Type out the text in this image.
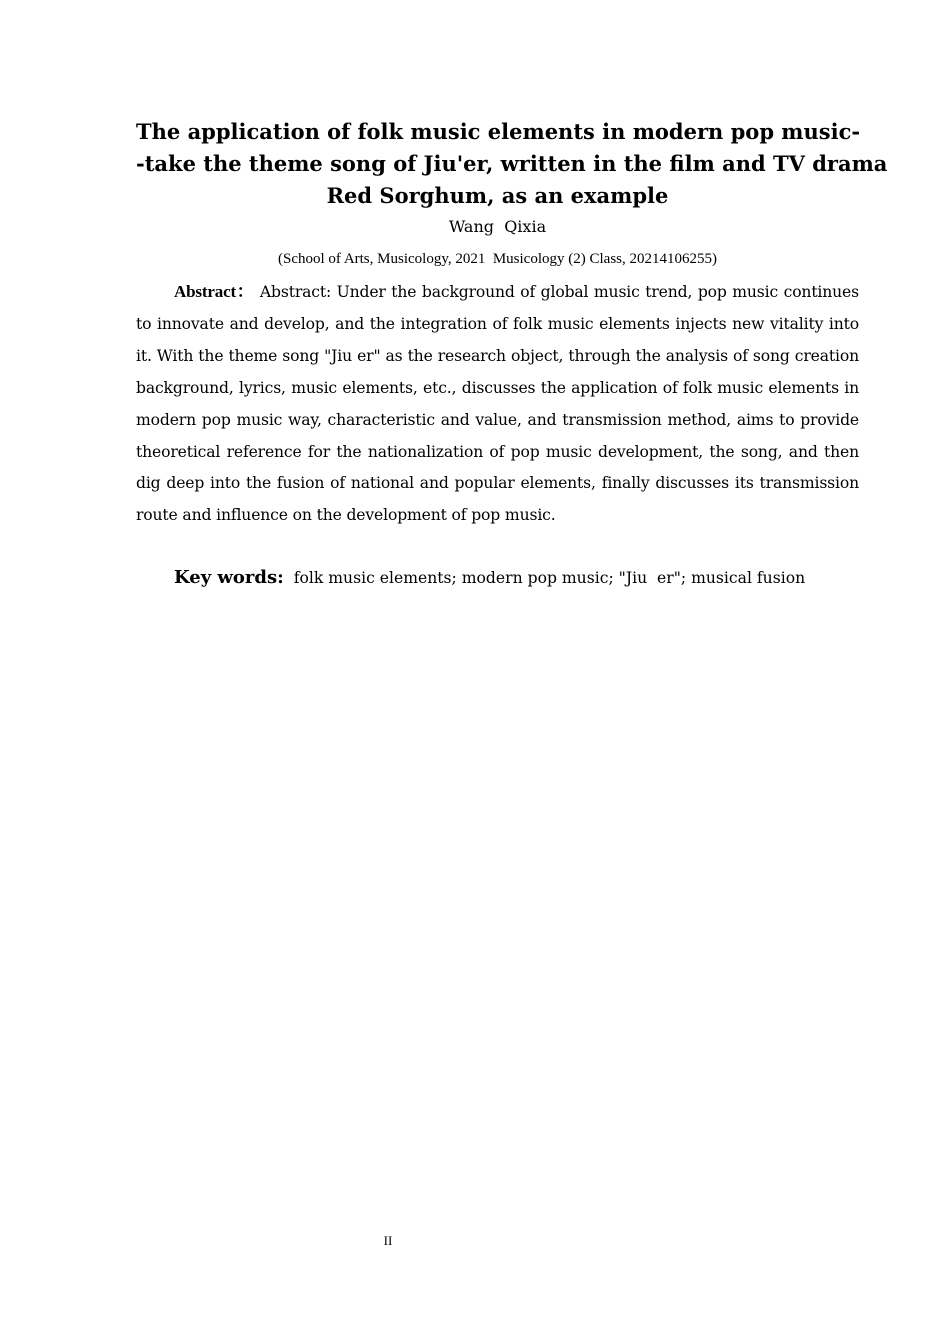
The application of folk music elements in modern pop music-
-take the theme song of Jiu'er, written in the film and TV drama
Red Sorghum, as an example
Wang  Qixia
(School of Arts, Musicology, 2021  Musicology (2) Class, 20214106255)

Abstract： Abstract: Under the background of global music trend, pop music continues to innovate and develop, and the integration of folk music elements injects new vitality into it. With the theme song "Jiu er" as the research object, through the analysis of song creation background, lyrics, music elements, etc., discusses the application of folk music elements in modern pop music way, characteristic and value, and transmission method, aims to provide theoretical reference for the nationalization of pop music development, the song, and then dig deep into the fusion of national and popular elements, finally discusses its transmission route and influence on the development of pop music.

Key words: folk music elements; modern pop music; "Jiu  er"; musical fusion

II
